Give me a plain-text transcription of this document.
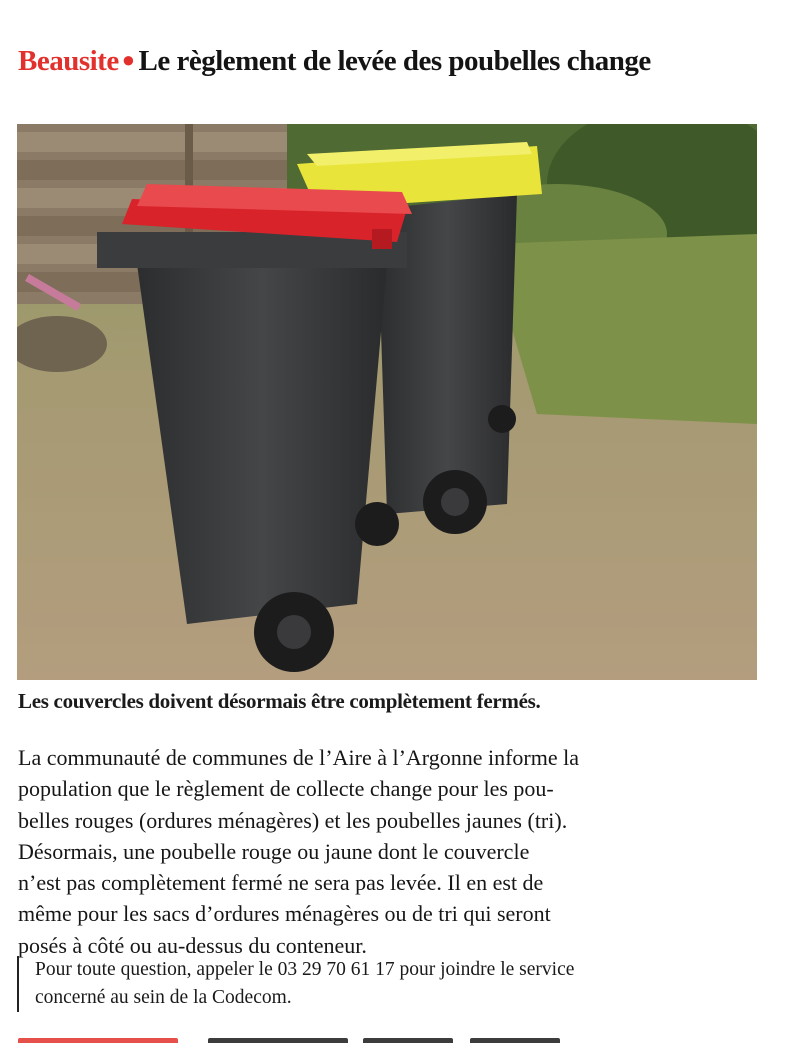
Beausite ● Le règlement de levée des poubelles change
Les couvercles doivent désormais être complètement fermés.
La communauté de communes de l’Aire à l’Argonne informe la
population que le règlement de collecte change pour les pou-
belles rouges (ordures ménagères) et les poubelles jaunes (tri).
Désormais, une poubelle rouge ou jaune dont le couvercle
n’est pas complètement fermé ne sera pas levée. Il en est de
même pour les sacs d’ordures ménagères ou de tri qui seront
posés à côté ou au-dessus du conteneur.
Pour toute question, appeler le 03 29 70 61 17 pour joindre le service
concerné au sein de la Codecom.
